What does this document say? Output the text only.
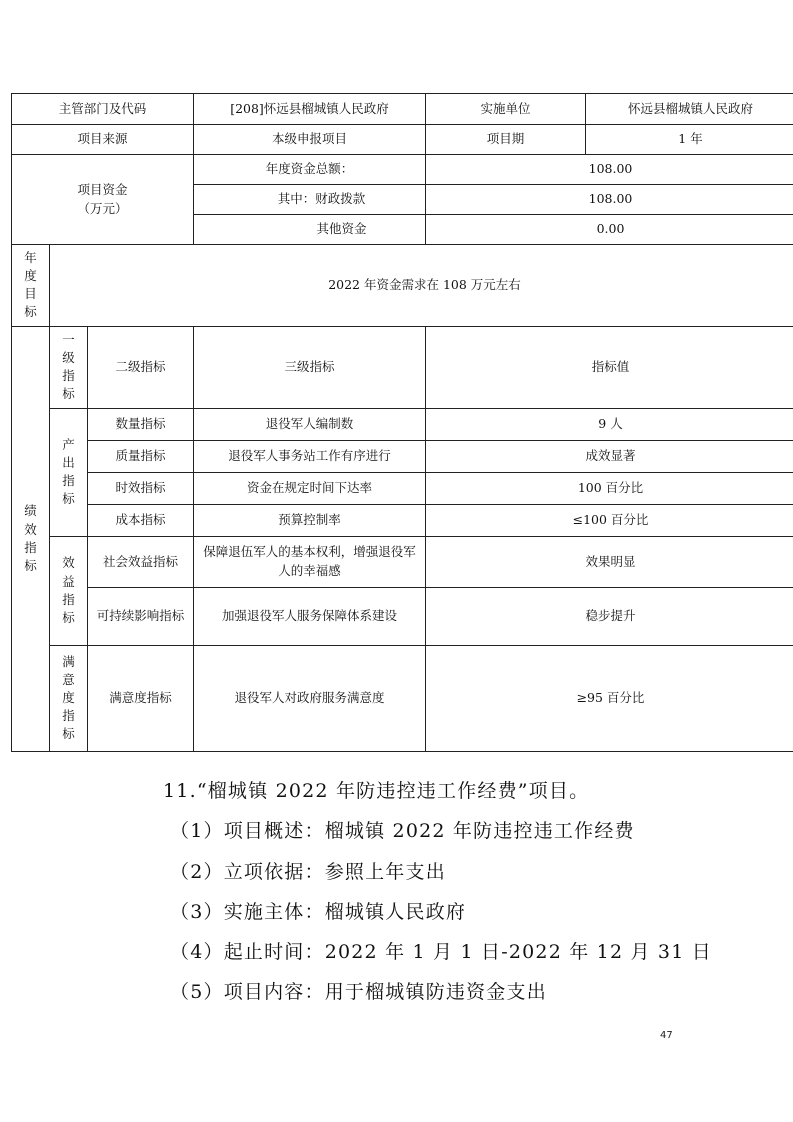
主管部门及代码			[208]怀远县榴城镇人民政府	实施单位	怀远县榴城镇人民政府
项目来源			本级申报项目	项目期	1 年

项目资金
（万元）			年度资金总额：	108.00	
			其中：财政拨款	108.00	
			其他资金	0.00	
年度目标	2022 年资金需求在 108 万元左右				
绩效指标	一级指标	二级指标	三级指标	指标值	
	产出指标	数量指标	退役军人编制数	9 人	
		质量指标	退役军人事务站工作有序进行	成效显著	
		时效指标	资金在规定时间下达率	100 百分比	
		成本指标	预算控制率	≤100 百分比	
	效益指标	社会效益指标	保障退伍军人的基本权利，增强退役军人的幸福感	效果明显	
		可持续影响指标	加强退役军人服务保障体系建设	稳步提升	
	满意度指标	满意度指标	退役军人对政府服务满意度	≥95 百分比	
11.“榴城镇 2022 年防违控违工作经费”项目。
（1）项目概述：榴城镇 2022 年防违控违工作经费
（2）立项依据：参照上年支出
（3）实施主体：榴城镇人民政府
（4）起止时间：2022 年 1 月 1 日-2022 年 12 月 31 日
（5）项目内容：用于榴城镇防违资金支出
47
